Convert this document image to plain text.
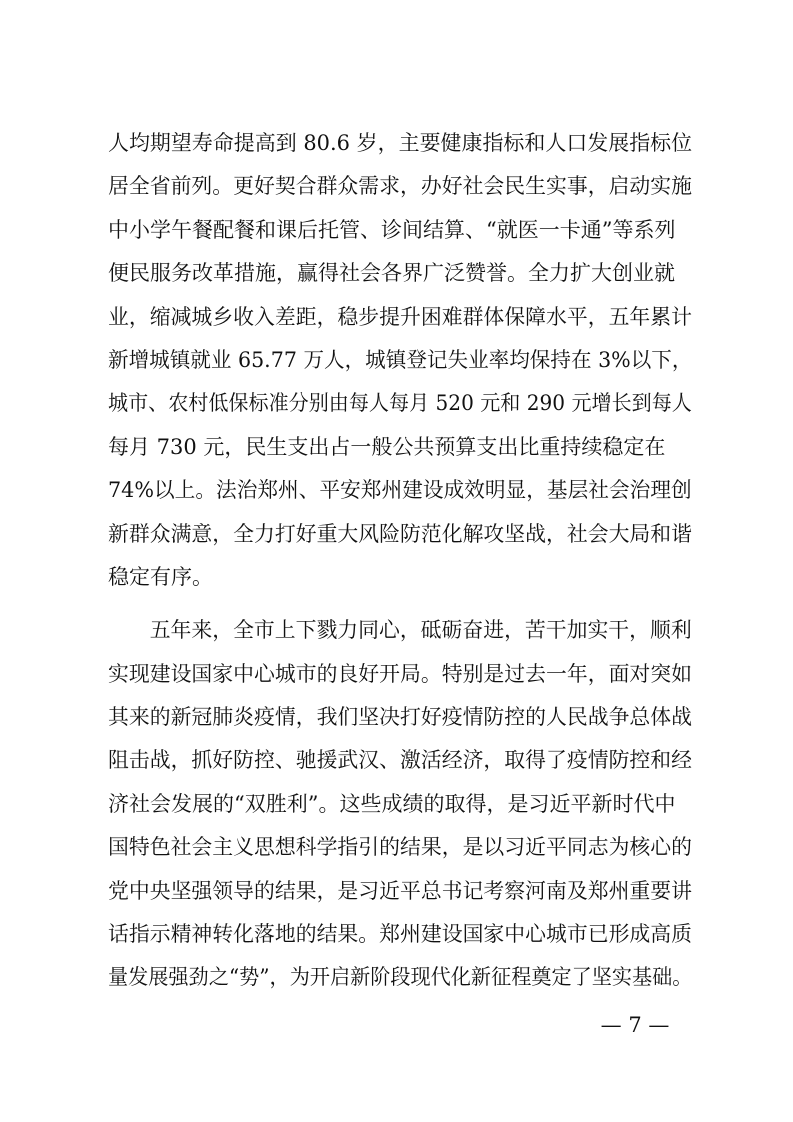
人均期望寿命提高到 80.6 岁，主要健康指标和人口发展指标位
居全省前列。更好契合群众需求，办好社会民生实事，启动实施
中小学午餐配餐和课后托管、诊间结算、“就医一卡通”等系列
便民服务改革措施，赢得社会各界广泛赞誉。全力扩大创业就
业，缩减城乡收入差距，稳步提升困难群体保障水平，五年累计
新增城镇就业 65.77 万人，城镇登记失业率均保持在 3%以下，
城市、农村低保标准分别由每人每月 520 元和 290 元增长到每人
每月 730 元，民生支出占一般公共预算支出比重持续稳定在
74%以上。法治郑州、平安郑州建设成效明显，基层社会治理创
新群众满意，全力打好重大风险防范化解攻坚战，社会大局和谐
稳定有序。
五年来，全市上下戮力同心，砥砺奋进，苦干加实干，顺利
实现建设国家中心城市的良好开局。特别是过去一年，面对突如
其来的新冠肺炎疫情，我们坚决打好疫情防控的人民战争总体战
阻击战，抓好防控、驰援武汉、激活经济，取得了疫情防控和经
济社会发展的“双胜利”。这些成绩的取得，是习近平新时代中
国特色社会主义思想科学指引的结果，是以习近平同志为核心的
党中央坚强领导的结果，是习近平总书记考察河南及郑州重要讲
话指示精神转化落地的结果。郑州建设国家中心城市已形成高质
量发展强劲之“势”，为开启新阶段现代化新征程奠定了坚实基础。
— 7 —
